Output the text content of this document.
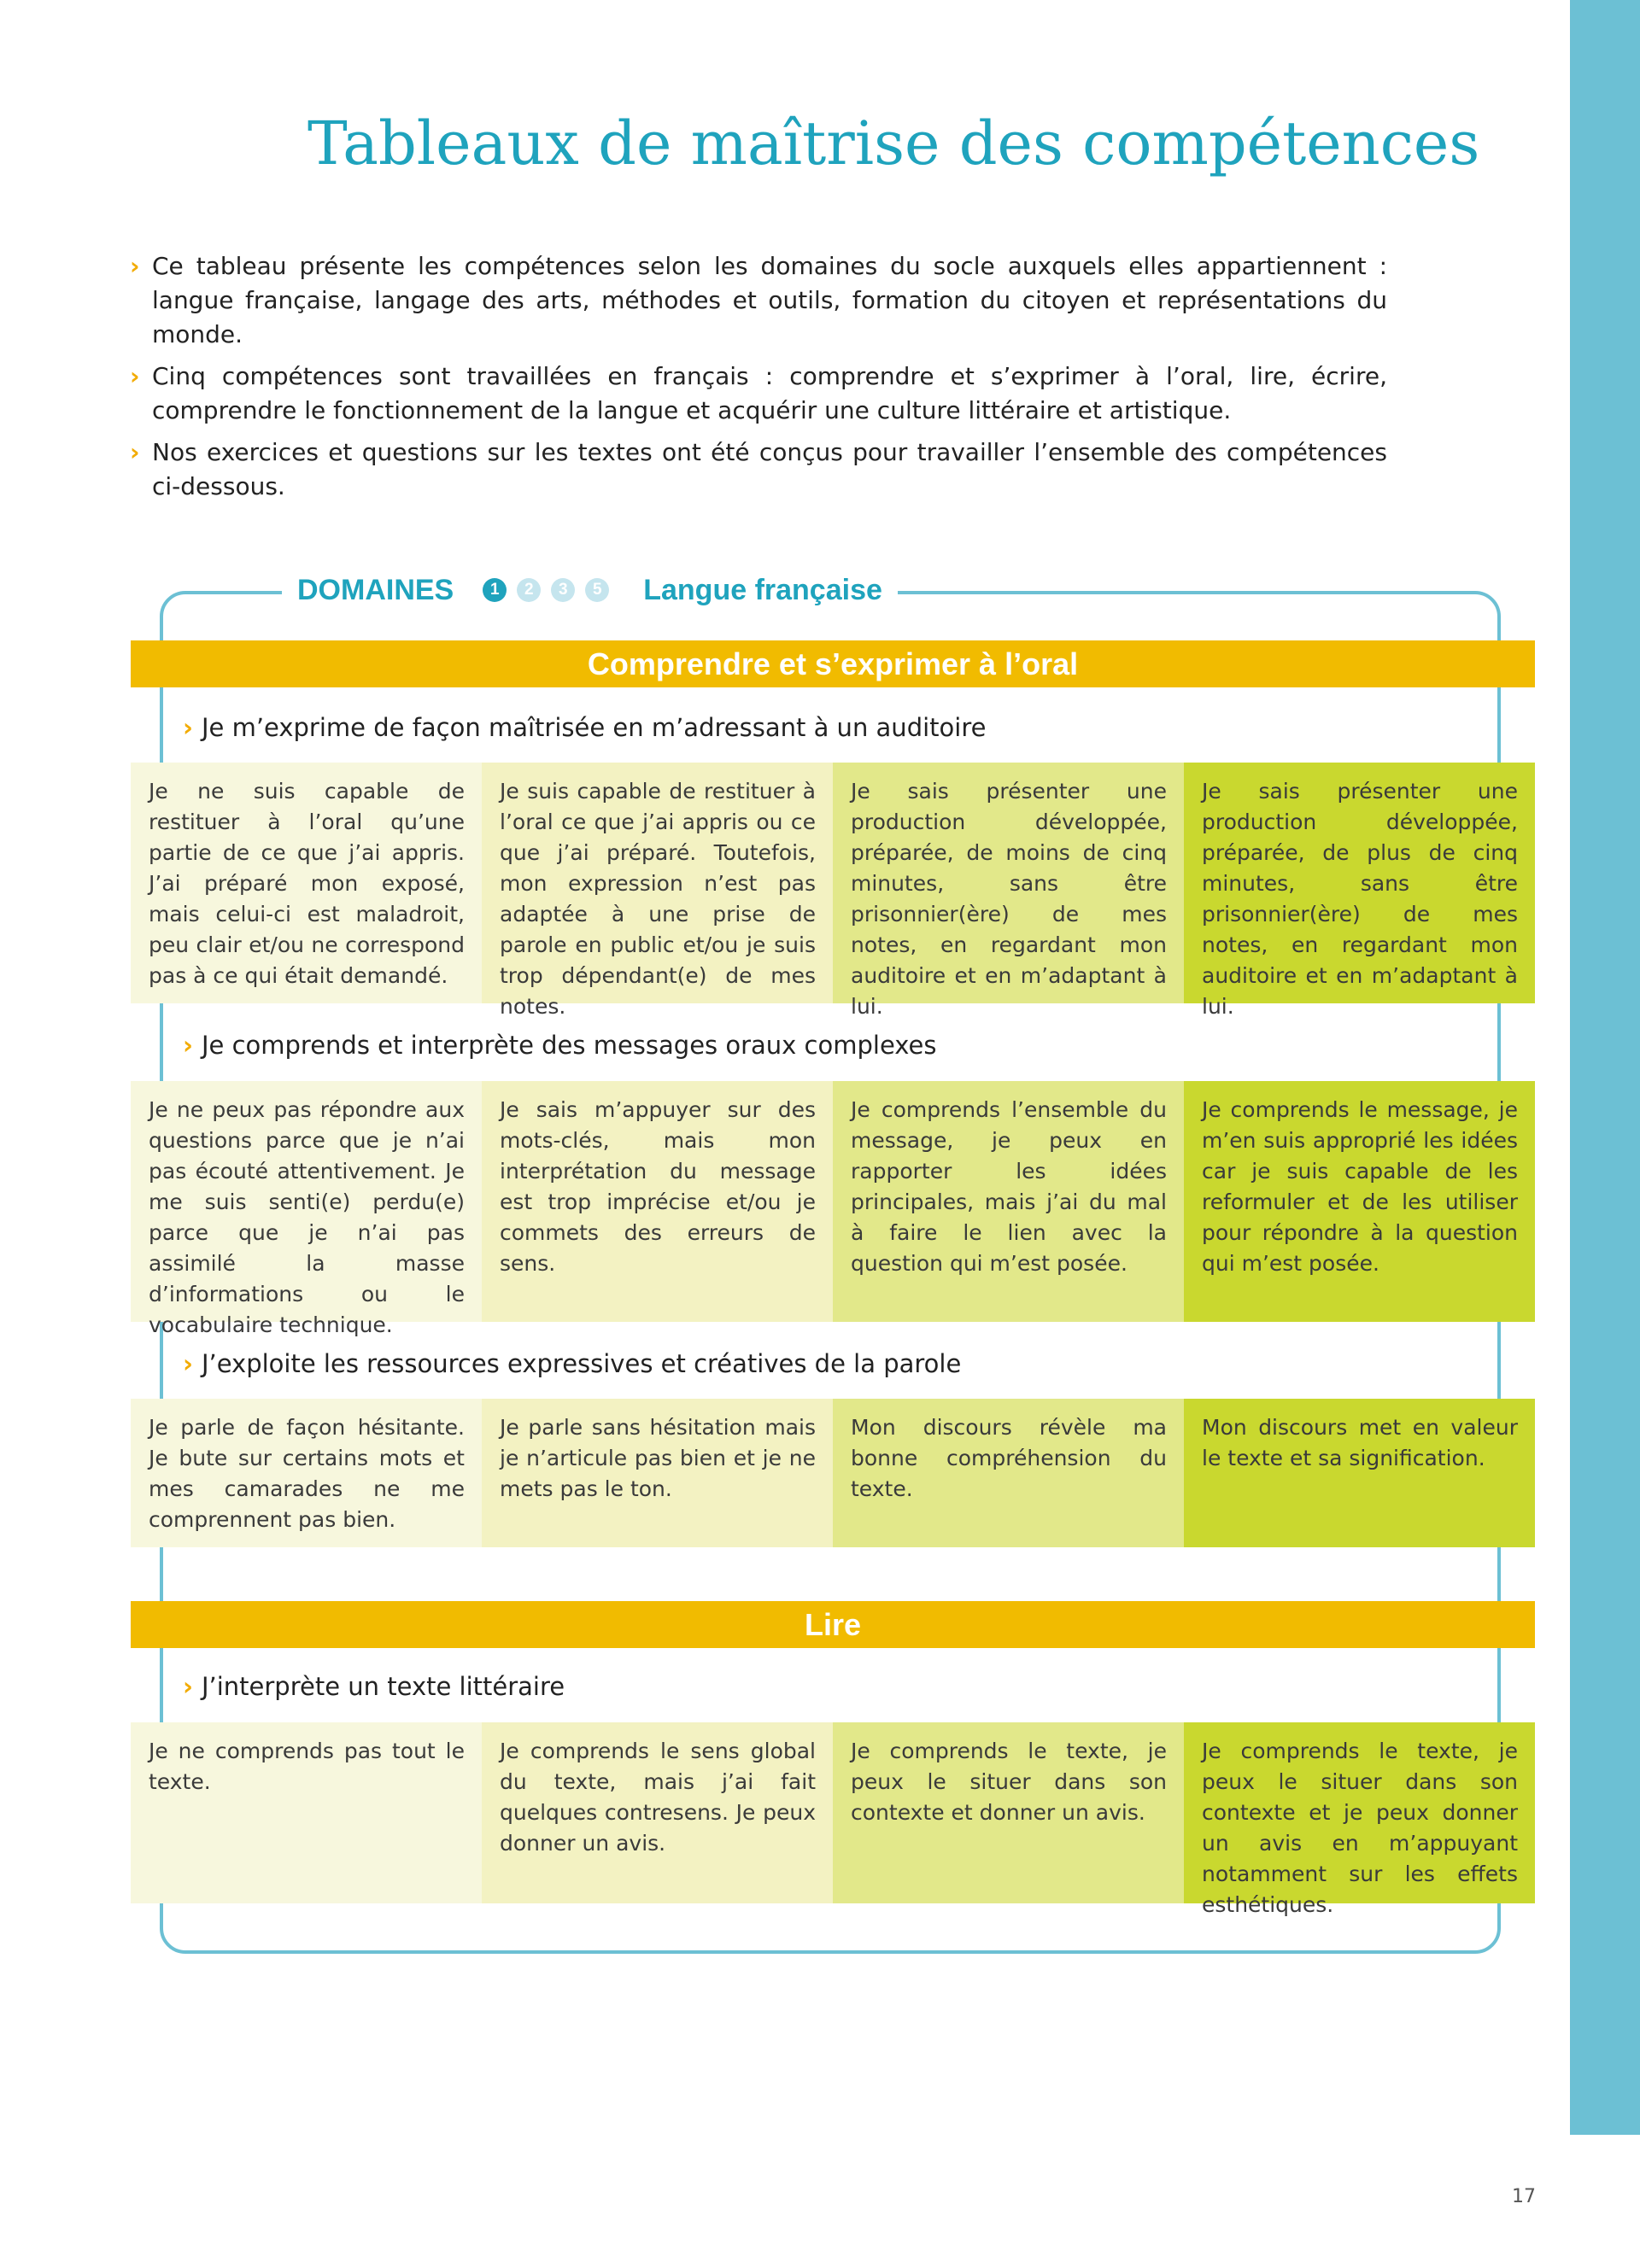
Tableaux de maîtrise des compétences
› Ce tableau présente les compétences selon les domaines du socle auxquels elles appartiennent : langue française, langage des arts, méthodes et outils, formation du citoyen et représentations du monde.
› Cinq compétences sont travaillées en français : comprendre et s’exprimer à l’oral, lire, écrire, comprendre le fonctionnement de la langue et acquérir une culture littéraire et artistique.
› Nos exercices et questions sur les textes ont été conçus pour travailler l’ensemble des compétences ci-dessous.
DOMAINES	1	2	3	5 Langue française
Comprendre et s’exprimer à l’oral
› Je m’exprime de façon maîtrisée en m’adressant à un auditoire
Je ne suis capable de restituer à l’oral qu’une partie de ce que j’ai appris. J’ai préparé mon exposé, mais celui-ci est maladroit, peu clair et/ou ne correspond pas à ce qui était demandé.
Je suis capable de restituer à l’oral ce que j’ai appris ou ce que j’ai préparé. Toutefois, mon expression n’est pas adaptée à une prise de parole en public et/ou je suis trop dépendant(e) de mes notes.
Je sais présenter une production développée, préparée, de moins de cinq minutes, sans être prisonnier(ère) de mes notes, en regardant mon auditoire et en m’adaptant à lui.
Je sais présenter une production développée, préparée, de plus de cinq minutes, sans être prisonnier(ère) de mes notes, en regardant mon auditoire et en m’adaptant à lui.
› Je comprends et interprète des messages oraux complexes
Je ne peux pas répondre aux questions parce que je n’ai pas écouté attentivement. Je me suis senti(e) perdu(e) parce que je n’ai pas assimilé la masse d’informations ou le vocabulaire technique.
Je sais m’appuyer sur des mots-clés, mais mon interprétation du message est trop imprécise et/ou je commets des erreurs de sens.
Je comprends l’ensemble du message, je peux en rapporter les idées principales, mais j’ai du mal à faire le lien avec la question qui m’est posée.
Je comprends le message, je m’en suis approprié les idées car je suis capable de les reformuler et de les utiliser pour répondre à la question qui m’est posée.
› J’exploite les ressources expressives et créatives de la parole
Je parle de façon hésitante. Je bute sur certains mots et mes camarades ne me comprennent pas bien.
Je parle sans hésitation mais je n’articule pas bien et je ne mets pas le ton.
Mon discours révèle ma bonne compréhension du texte.
Mon discours met en valeur le texte et sa signification.
Lire
› J’interprète un texte littéraire
Je ne comprends pas tout le texte.
Je comprends le sens global du texte, mais j’ai fait quelques contresens. Je peux donner un avis.
Je comprends le texte, je peux le situer dans son contexte et donner un avis.
Je comprends le texte, je peux le situer dans son contexte et je peux donner un avis en m’appuyant notamment sur les effets esthétiques.
17
